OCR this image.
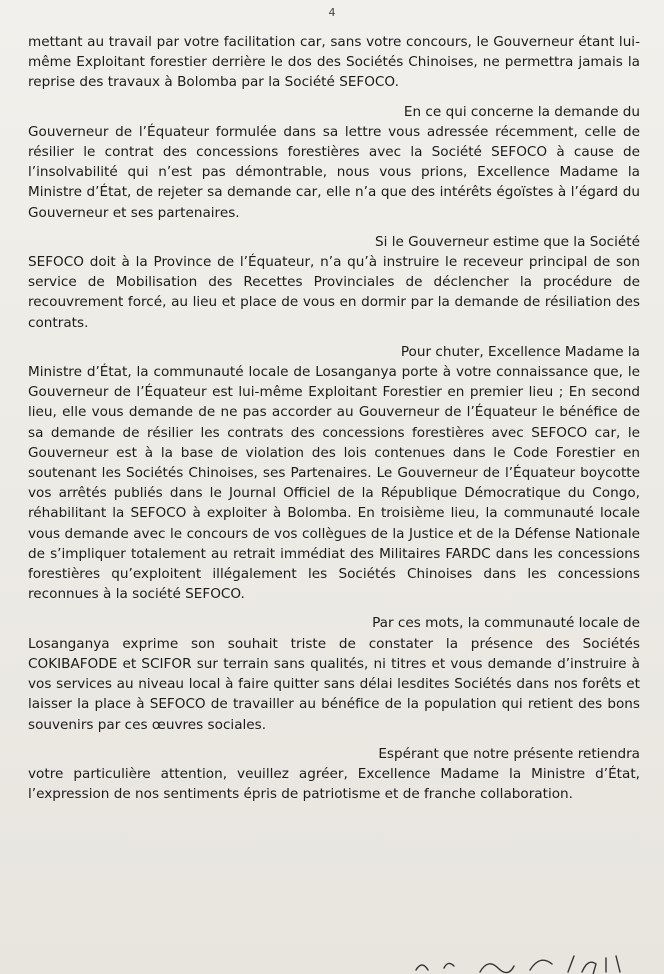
4

mettant au travail par votre facilitation car, sans votre concours, le Gouverneur étant lui-même Exploitant forestier derrière le dos des Sociétés Chinoises, ne permettra jamais la reprise des travaux à Bolomba par la Société SEFOCO.

En ce qui concerne la demande du
Gouverneur de l’Équateur formulée dans sa lettre vous adressée récemment, celle de résilier le contrat des concessions forestières avec la Société SEFOCO à cause de l’insolvabilité qui n’est pas démontrable, nous vous prions, Excellence Madame la Ministre d’État, de rejeter sa demande car, elle n’a que des intérêts égoïstes à l’égard du Gouverneur et ses partenaires.

Si le Gouverneur estime que la Société
SEFOCO doit à la Province de l’Équateur, n’a qu’à instruire le receveur principal de son service de Mobilisation des Recettes Provinciales de déclencher la procédure de recouvrement forcé, au lieu et place de vous en dormir par la demande de résiliation des contrats.

Pour chuter, Excellence Madame la
Ministre d’État, la communauté locale de Losanganya porte à votre connaissance que, le Gouverneur de l’Équateur est lui-même Exploitant Forestier en premier lieu ; En second lieu, elle vous demande de ne pas accorder au Gouverneur de l’Équateur le bénéfice de sa demande de résilier les contrats des concessions forestières avec SEFOCO car, le Gouverneur est à la base de violation des lois contenues dans le Code Forestier en soutenant les Sociétés Chinoises, ses Partenaires. Le Gouverneur de l’Équateur boycotte vos arrêtés publiés dans le Journal Officiel de la République Démocratique du Congo, réhabilitant la SEFOCO à exploiter à Bolomba. En troisième lieu, la communauté locale vous demande avec le concours de vos collègues de la Justice et de la Défense Nationale de s’impliquer totalement au retrait immédiat des Militaires FARDC dans les concessions forestières qu’exploitent illégalement les Sociétés Chinoises dans les concessions reconnues à la société SEFOCO.

Par ces mots, la communauté locale de
Losanganya exprime son souhait triste de constater la présence des Sociétés COKIBAFODE et SCIFOR sur terrain sans qualités, ni titres et vous demande d’instruire à vos services au niveau local à faire quitter sans délai lesdites Sociétés dans nos forêts et laisser la place à SEFOCO de travailler au bénéfice de la population qui retient des bons souvenirs par ces œuvres sociales.

Espérant que notre présente retiendra
votre particulière attention, veuillez agréer, Excellence Madame la Ministre d’État, l’expression de nos sentiments épris de patriotisme et de franche collaboration.
